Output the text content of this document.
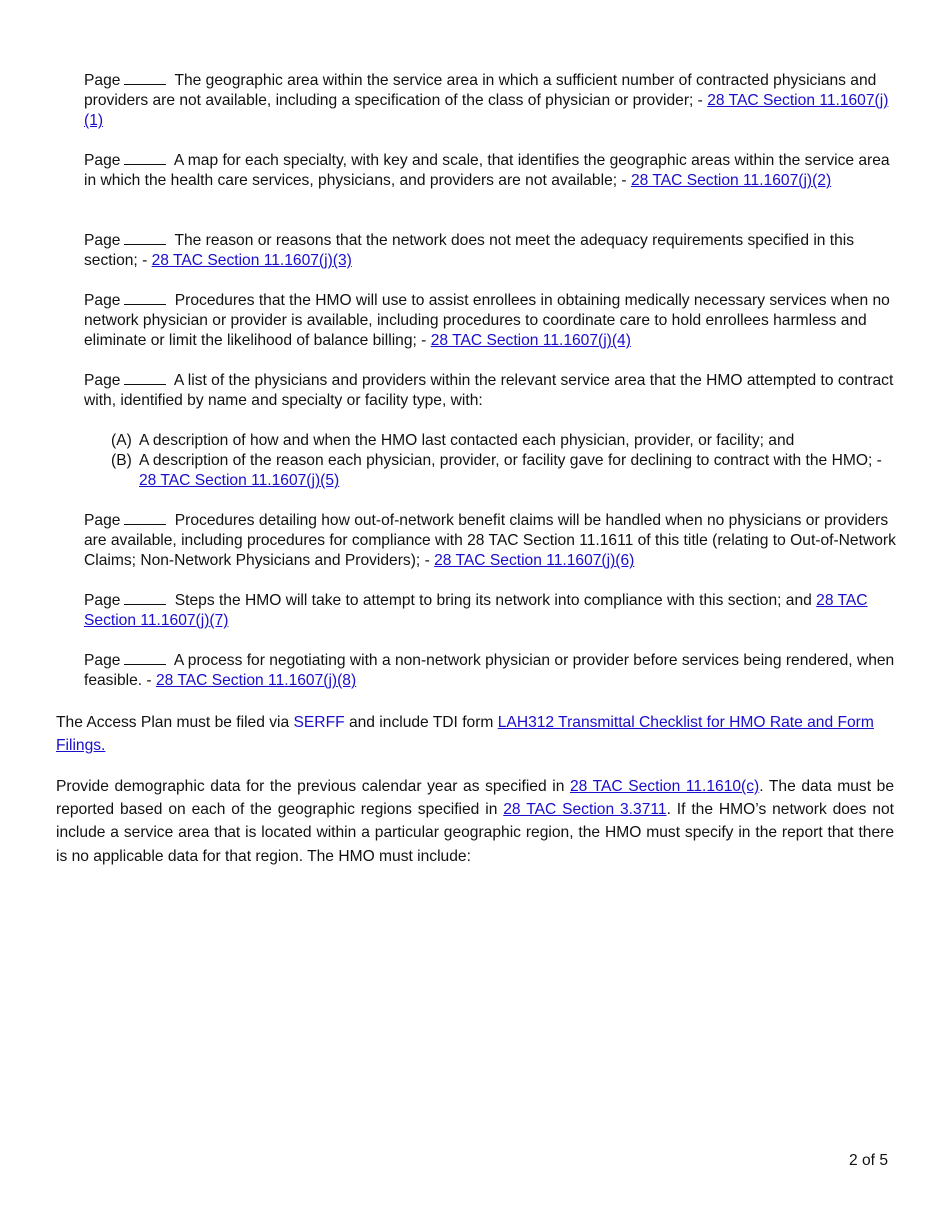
Page	The geographic area within the service area in which a sufficient number of contracted physicians and providers are not available, including a specification of the class of physician or provider; - 28 TAC Section 11.1607(j)(1)

Page	A map for each specialty, with key and scale, that identifies the geographic areas within the service area in which the health care services, physicians, and providers are not available; - 28 TAC Section 11.1607(j)(2)

Page	The reason or reasons that the network does not meet the adequacy requirements specified in this section; - 28 TAC Section 11.1607(j)(3)

Page	Procedures that the HMO will use to assist enrollees in obtaining medically necessary services when no network physician or provider is available, including procedures to coordinate care to hold enrollees harmless and eliminate or limit the likelihood of balance billing; - 28 TAC Section 11.1607(j)(4)

Page	A list of the physicians and providers within the relevant service area that the HMO attempted to contract with, identified by name and specialty or facility type, with:

(A) A description of how and when the HMO last contacted each physician, provider, or facility; and

(B) A description of the reason each physician, provider, or facility gave for declining to contract with the HMO; - 28 TAC Section 11.1607(j)(5)

Page	Procedures detailing how out-of-network benefit claims will be handled when no physicians or providers are available, including procedures for compliance with 28 TAC Section 11.1611 of this title (relating to Out-of-Network Claims; Non-Network Physicians and Providers); - 28 TAC Section 11.1607(j)(6)

Page	Steps the HMO will take to attempt to bring its network into compliance with this section; and 28 TAC Section 11.1607(j)(7)

Page	A process for negotiating with a non-network physician or provider before services being rendered, when feasible. - 28 TAC Section 11.1607(j)(8)

The Access Plan must be filed via SERFF and include TDI form LAH312 Transmittal Checklist for HMO Rate and Form Filings.

Provide demographic data for the previous calendar year as specified in 28 TAC Section 11.1610(c). The data must be reported based on each of the geographic regions specified in 28 TAC Section 3.3711. If the HMO’s network does not include a service area that is located within a particular geographic region, the HMO must specify in the report that there is no applicable data for that region. The HMO must include:

2 of 5
